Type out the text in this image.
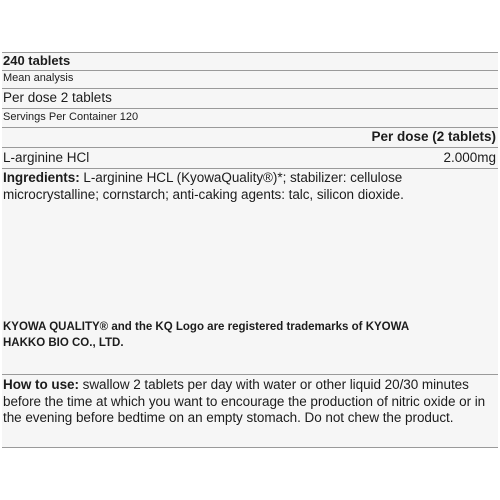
240 tablets
Mean analysis
Per dose 2 tablets
Servings Per Container 120
Per dose (2 tablets)
L-arginine HCl	2.000mg
Ingredients: L-arginine HCL (KyowaQuality®)*; stabilizer: cellulose microcrystalline; cornstarch; anti-caking agents: talc, silicon dioxide.
KYOWA QUALITY® and the KQ Logo are registered trademarks of KYOWA
HAKKO BIO CO., LTD.
How to use: swallow 2 tablets per day with water or other liquid 20/30 minutes before the time at which you want to encourage the production of nitric oxide or in the evening before bedtime on an empty stomach. Do not chew the product.
